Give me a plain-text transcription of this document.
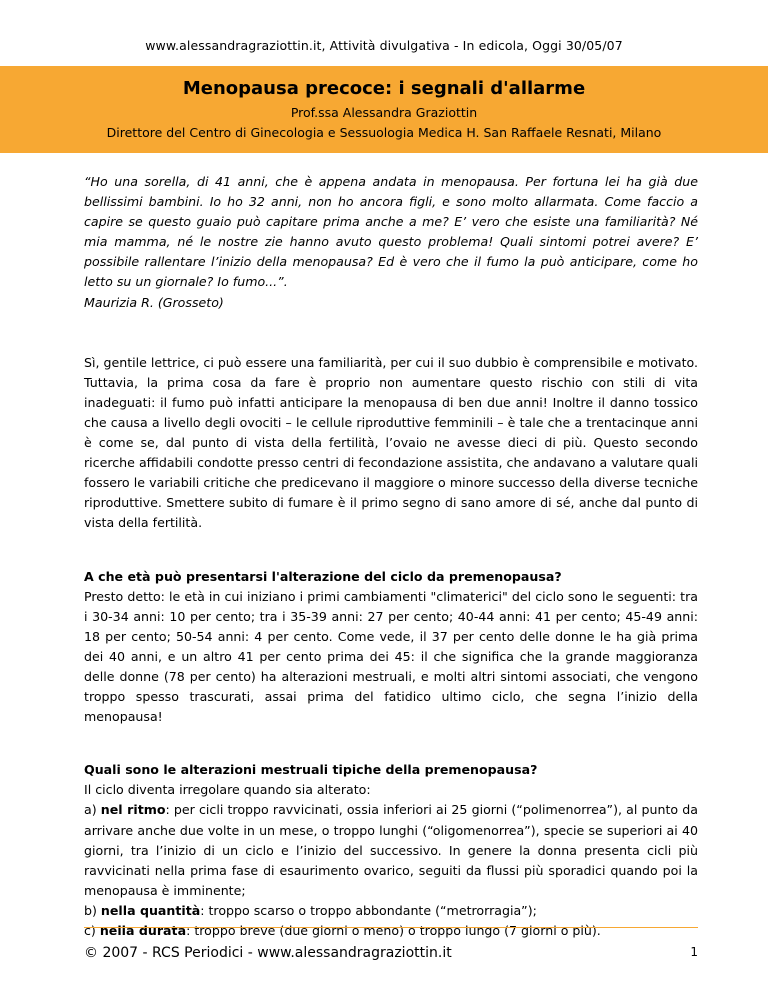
www.alessandragraziottin.it, Attività divulgativa - In edicola, Oggi 30/05/07
Menopausa precoce: i segnali d'allarme
Prof.ssa Alessandra Graziottin
Direttore del Centro di Ginecologia e Sessuologia Medica H. San Raffaele Resnati, Milano

“Ho una sorella, di 41 anni, che è appena andata in menopausa. Per fortuna lei ha già due bellissimi bambini. Io ho 32 anni, non ho ancora figli, e sono molto allarmata. Come faccio a capire se questo guaio può capitare prima anche a me? E’ vero che esiste una familiarità? Né mia mamma, né le nostre zie hanno avuto questo problema! Quali sintomi potrei avere? E’ possibile rallentare l’inizio della menopausa? Ed è vero che il fumo la può anticipare, come ho letto su un giornale? Io fumo...”.

Maurizia R. (Grosseto)

Sì, gentile lettrice, ci può essere una familiarità, per cui il suo dubbio è comprensibile e motivato. Tuttavia, la prima cosa da fare è proprio non aumentare questo rischio con stili di vita inadeguati: il fumo può infatti anticipare la menopausa di ben due anni! Inoltre il danno tossico che causa a livello degli ovociti – le cellule riproduttive femminili – è tale che a trentacinque anni è come se, dal punto di vista della fertilità, l’ovaio ne avesse dieci di più. Questo secondo ricerche affidabili condotte presso centri di fecondazione assistita, che andavano a valutare quali fossero le variabili critiche che predicevano il maggiore o minore successo della diverse tecniche riproduttive. Smettere subito di fumare è il primo segno di sano amore di sé, anche dal punto di vista della fertilità.

A che età può presentarsi l'alterazione del ciclo da premenopausa?

Presto detto: le età in cui iniziano i primi cambiamenti "climaterici" del ciclo sono le seguenti: tra i 30-34 anni: 10 per cento; tra i 35-39 anni: 27 per cento; 40-44 anni: 41 per cento; 45-49 anni: 18 per cento; 50-54 anni: 4 per cento. Come vede, il 37 per cento delle donne le ha già prima dei 40 anni, e un altro 41 per cento prima dei 45: il che significa che la grande maggioranza delle donne (78 per cento) ha alterazioni mestruali, e molti altri sintomi associati, che vengono troppo spesso trascurati, assai prima del fatidico ultimo ciclo, che segna l’inizio della menopausa!

Quali sono le alterazioni mestruali tipiche della premenopausa?

Il ciclo diventa irregolare quando sia alterato:

a) nel ritmo: per cicli troppo ravvicinati, ossia inferiori ai 25 giorni (“polimenorrea”), al punto da arrivare anche due volte in un mese, o troppo lunghi (“oligomenorrea”), specie se superiori ai 40 giorni, tra l’inizio di un ciclo e l’inizio del successivo. In genere la donna presenta cicli più ravvicinati nella prima fase di esaurimento ovarico, seguiti da flussi più sporadici quando poi la menopausa è imminente;

b) nella quantità: troppo scarso o troppo abbondante (“metrorragia”);

c) nella durata: troppo breve (due giorni o meno) o troppo lungo (7 giorni o più).

© 2007 - RCS Periodici - www.alessandragraziottin.it	1
